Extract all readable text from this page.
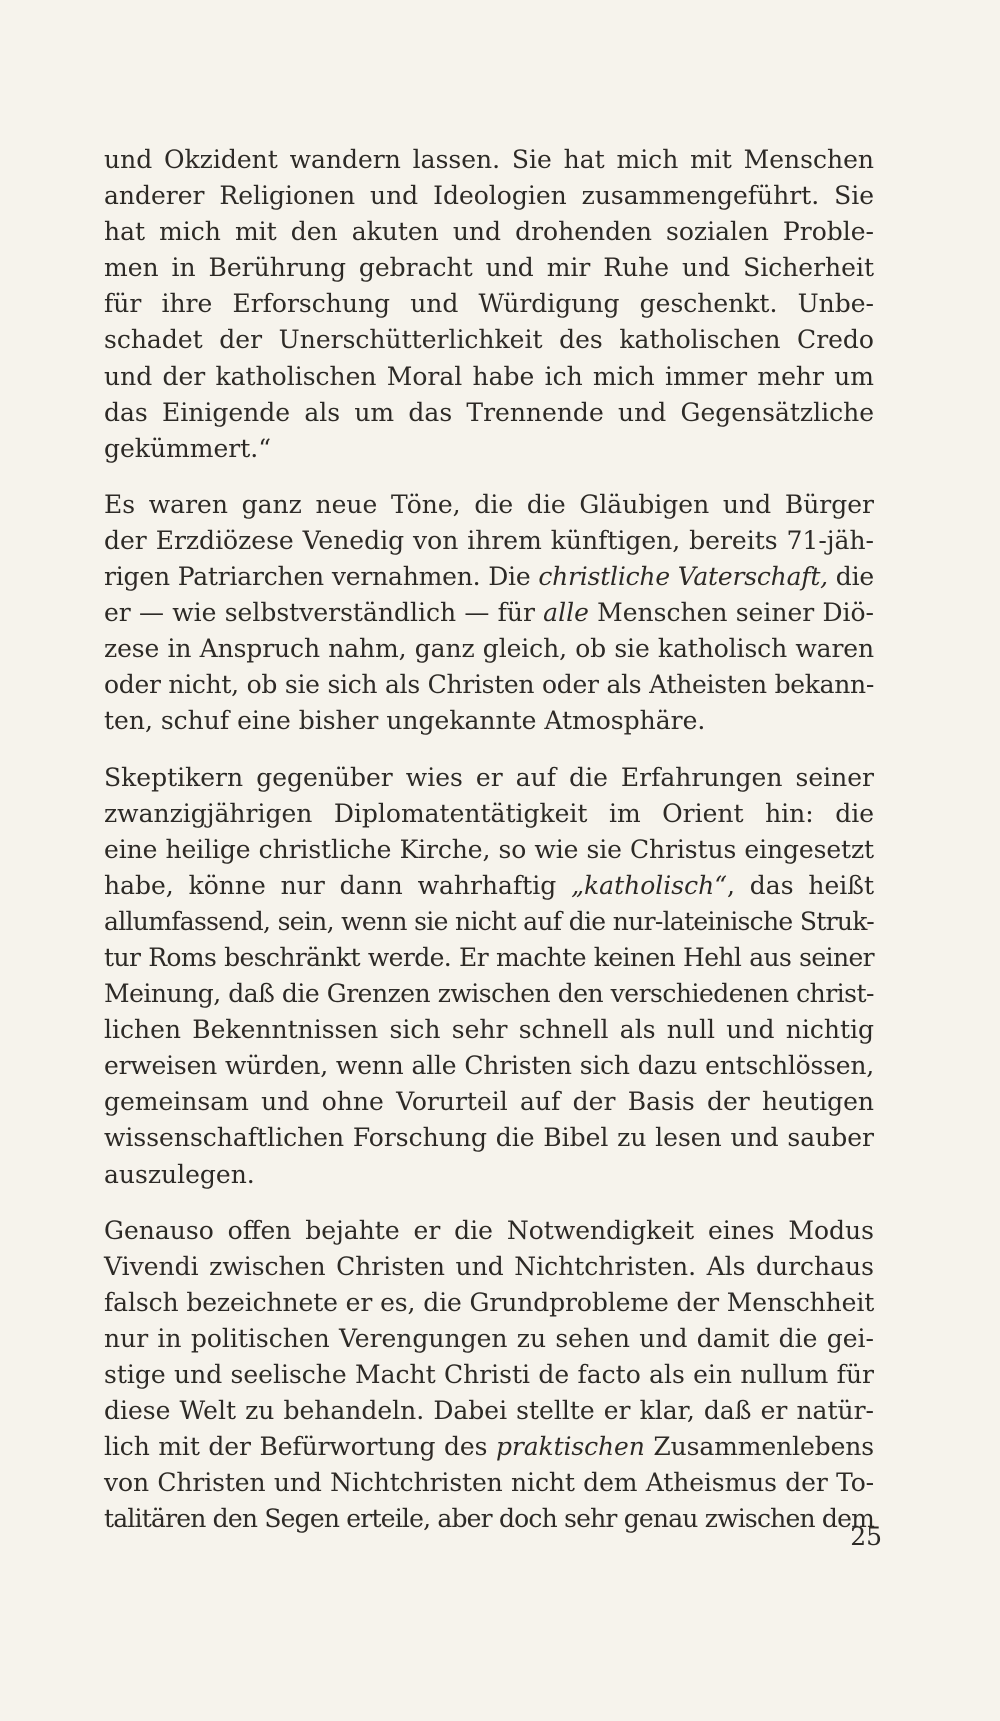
und Okzident wandern lassen. Sie hat mich mit Menschen
anderer Religionen und Ideologien zusammengeführt. Sie
hat mich mit den akuten und drohenden sozialen Proble-
men in Berührung gebracht und mir Ruhe und Sicherheit
für ihre Erforschung und Würdigung geschenkt. Unbe-
schadet der Unerschütterlichkeit des katholischen Credo
und der katholischen Moral habe ich mich immer mehr um
das Einigende als um das Trennende und Gegensätzliche
gekümmert.“
Es waren ganz neue Töne, die die Gläubigen und Bürger
der Erzdiözese Venedig von ihrem künftigen, bereits 71-jäh-
rigen Patriarchen vernahmen. Die christliche Vaterschaft, die
er — wie selbstverständlich — für alle Menschen seiner Diö-
zese in Anspruch nahm, ganz gleich, ob sie katholisch waren
oder nicht, ob sie sich als Christen oder als Atheisten bekann-
ten, schuf eine bisher ungekannte Atmosphäre.
Skeptikern gegenüber wies er auf die Erfahrungen seiner
zwanzigjährigen Diplomatentätigkeit im Orient hin: die
eine heilige christliche Kirche, so wie sie Christus eingesetzt
habe, könne nur dann wahrhaftig „katholisch“, das heißt
allumfassend, sein, wenn sie nicht auf die nur-lateinische Struk-
tur Roms beschränkt werde. Er machte keinen Hehl aus seiner
Meinung, daß die Grenzen zwischen den verschiedenen christ-
lichen Bekenntnissen sich sehr schnell als null und nichtig
erweisen würden, wenn alle Christen sich dazu entschlössen,
gemeinsam und ohne Vorurteil auf der Basis der heutigen
wissenschaftlichen Forschung die Bibel zu lesen und sauber
auszulegen.
Genauso offen bejahte er die Notwendigkeit eines Modus
Vivendi zwischen Christen und Nichtchristen. Als durchaus
falsch bezeichnete er es, die Grundprobleme der Menschheit
nur in politischen Verengungen zu sehen und damit die gei-
stige und seelische Macht Christi de facto als ein nullum für
diese Welt zu behandeln. Dabei stellte er klar, daß er natür-
lich mit der Befürwortung des praktischen Zusammenlebens
von Christen und Nichtchristen nicht dem Atheismus der To-
talitären den Segen erteile, aber doch sehr genau zwischen dem
25
